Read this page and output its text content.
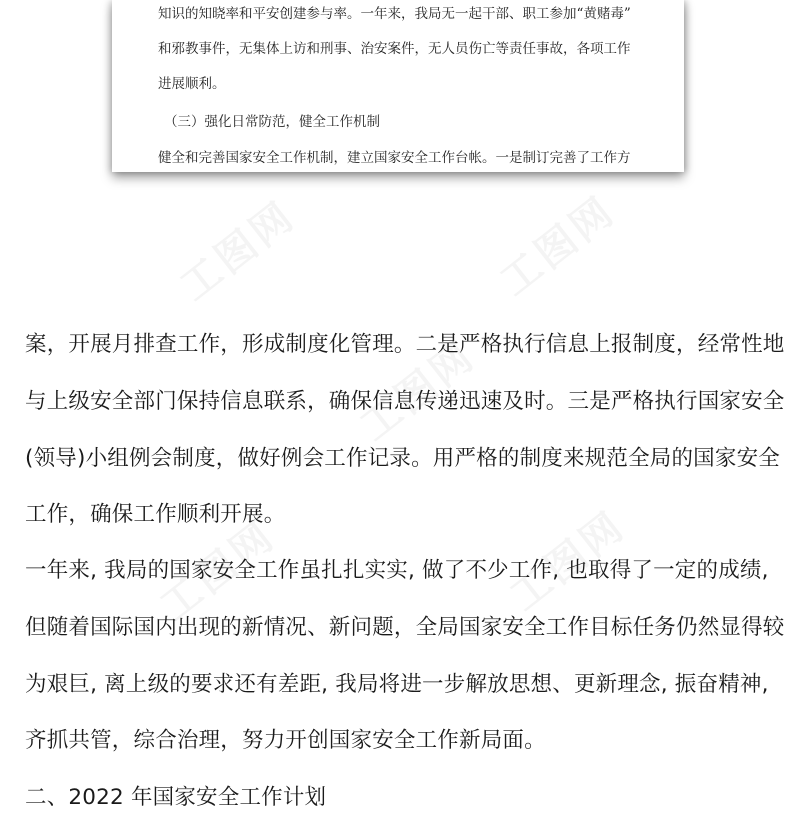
工图网	工图网
工图网
工图网	工图网

知识的知晓率和平安创建参与率。一年来，我局无一起干部、职工参加“黄赌毒”

和邪教事件，无集体上访和刑事、治安案件，无人员伤亡等责任事故，各项工作

进展顺利。

（三）强化日常防范，健全工作机制

健全和完善国家安全工作机制，建立国家安全工作台帐。一是制订完善了工作方

案，开展月排查工作，形成制度化管理。二是严格执行信息上报制度，经常性地

与上级安全部门保持信息联系，确保信息传递迅速及时。三是严格执行国家安全

(领导)小组例会制度，做好例会工作记录。用严格的制度来规范全局的国家安全

工作，确保工作顺利开展。

一年来, 我局的国家安全工作虽扎扎实实, 做了不少工作, 也取得了一定的成绩,

但随着国际国内出现的新情况、新问题，全局国家安全工作目标任务仍然显得较

为艰巨, 离上级的要求还有差距, 我局将进一步解放思想、更新理念, 振奋精神,

齐抓共管，综合治理，努力开创国家安全工作新局面。

二、2022 年国家安全工作计划
